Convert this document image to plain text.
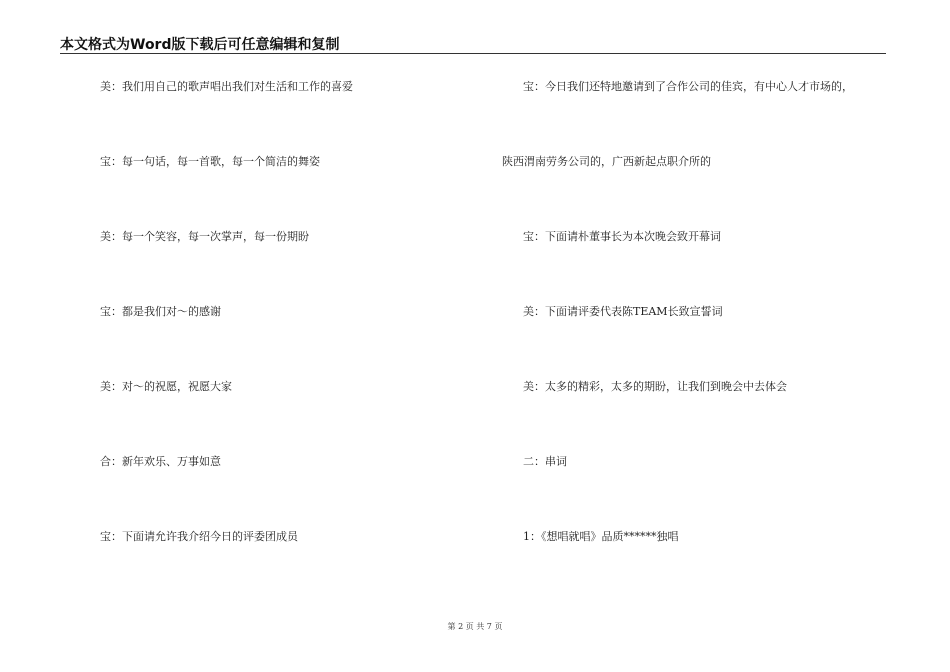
本文格式为Word版下载后可任意编辑和复制
美：我们用自己的歌声唱出我们对生活和工作的喜爱
宝：每一句话，每一首歌，每一个简洁的舞姿
美：每一个笑容，每一次掌声，每一份期盼
宝：都是我们对～的感谢
美：对～的祝愿，祝愿大家
合：新年欢乐、万事如意
宝：下面请允许我介绍今日的评委团成员
宝：今日我们还特地邀请到了合作公司的佳宾，有中心人才市场的，
陕西渭南劳务公司的，广西新起点职介所的
宝：下面请朴董事长为本次晚会致开幕词
美：下面请评委代表陈TEAM长致宣誓词
美：太多的精彩，太多的期盼，让我们到晚会中去体会
二：串词
1：《想唱就唱》品质******独唱
第 2 页 共 7 页
